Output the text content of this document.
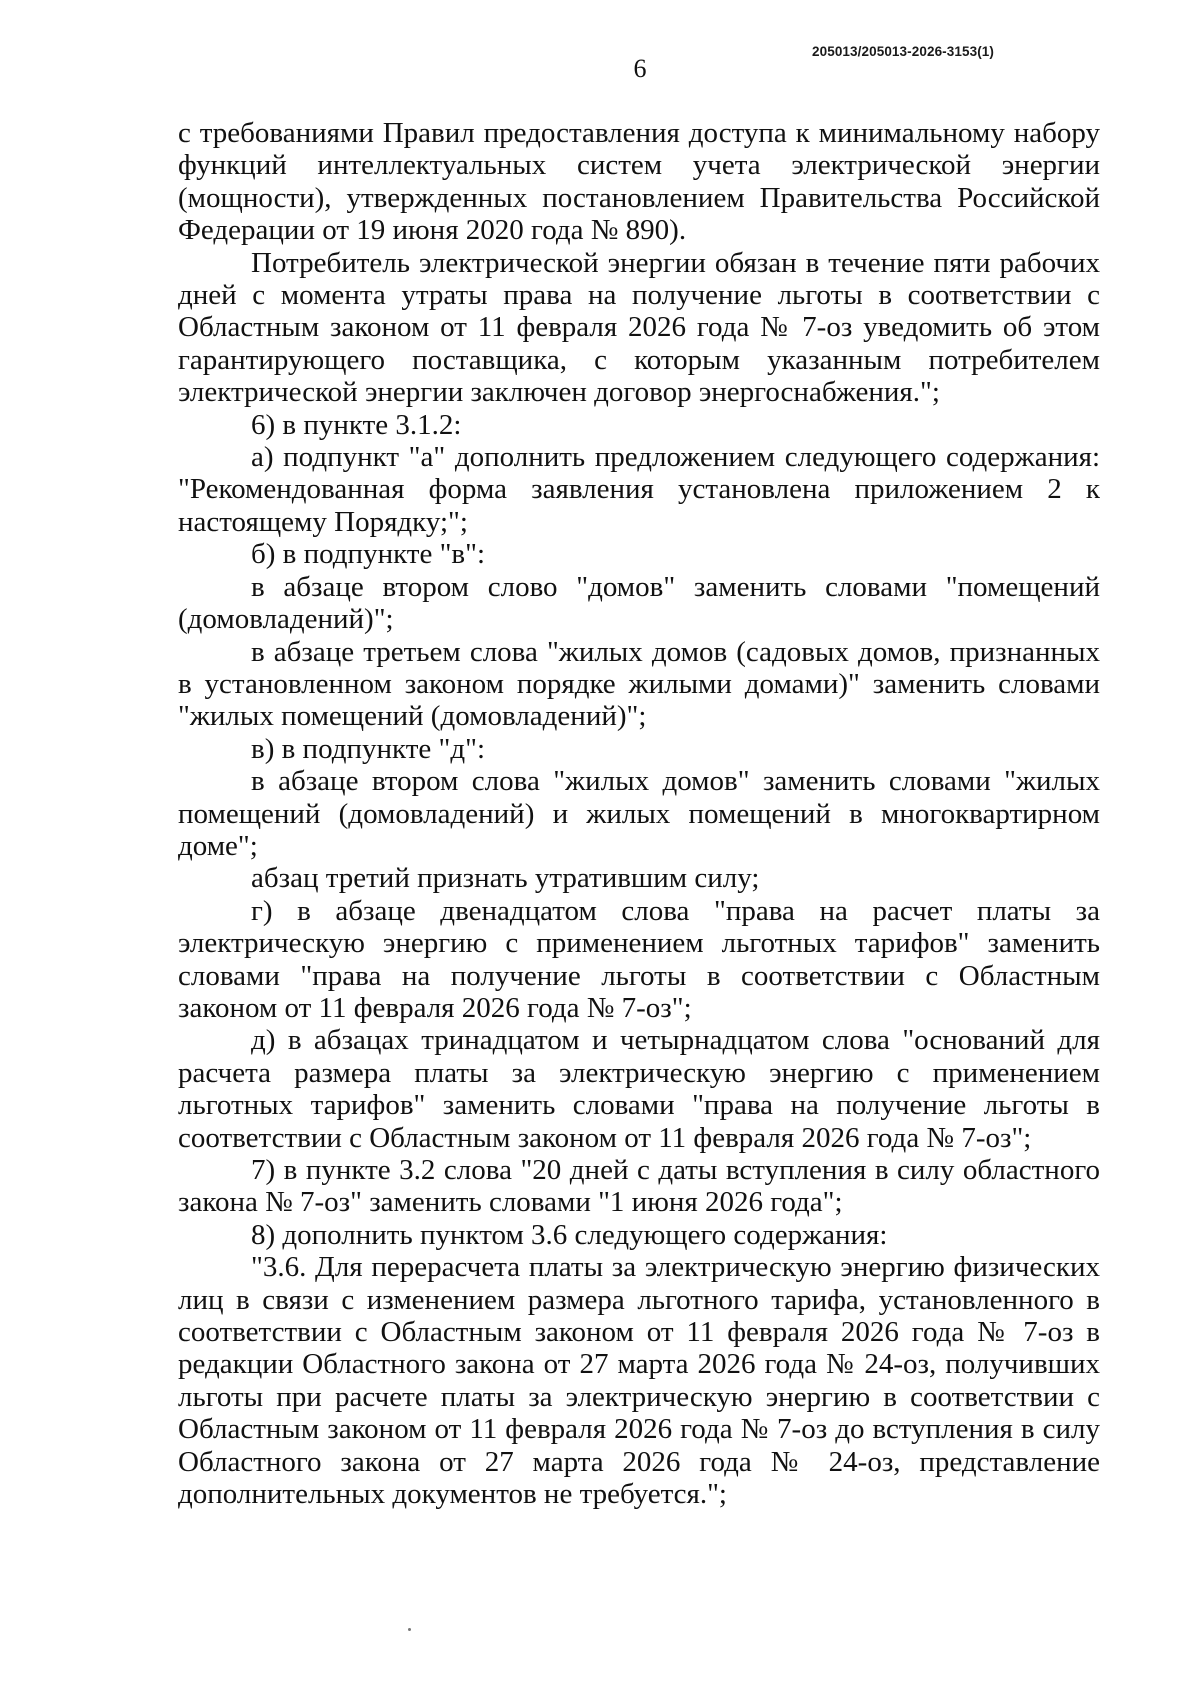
205013/205013-2026-3153(1)
6

с требованиями Правил предоставления доступа к минимальному набору функций интеллектуальных систем учета электрической энергии (мощности), утвержденных постановлением Правительства Российской Федерации от 19 июня 2020 года № 890).

Потребитель электрической энергии обязан в течение пяти рабочих дней с момента утраты права на получение льготы в соответствии с Областным законом от 11 февраля 2026 года № 7-оз уведомить об этом гарантирующего поставщика, с которым указанным потребителем электрической энергии заключен договор энергоснабжения.";

6) в пункте 3.1.2:

а) подпункт "а" дополнить предложением следующего содержания: "Рекомендованная форма заявления установлена приложением 2 к настоящему Порядку;";

б) в подпункте "в":

в абзаце втором слово "домов" заменить словами "помещений (домовладений)";

в абзаце третьем слова "жилых домов (садовых домов, признанных в установленном законом порядке жилыми домами)" заменить словами "жилых помещений (домовладений)";

в) в подпункте "д":

в абзаце втором слова "жилых домов" заменить словами "жилых помещений (домовладений) и жилых помещений в многоквартирном доме";

абзац третий признать утратившим силу;

г) в абзаце двенадцатом слова "права на расчет платы за электрическую энергию с применением льготных тарифов" заменить словами "права на получение льготы в соответствии с Областным законом от 11 февраля 2026 года № 7-оз";

д) в абзацах тринадцатом и четырнадцатом слова "оснований для расчета размера платы за электрическую энергию с применением льготных тарифов" заменить словами "права на получение льготы в соответствии с Областным законом от 11 февраля 2026 года № 7-оз";

7) в пункте 3.2 слова "20 дней с даты вступления в силу областного закона № 7-оз" заменить словами "1 июня 2026 года";

8) дополнить пунктом 3.6 следующего содержания:

"3.6. Для перерасчета платы за электрическую энергию физических лиц в связи с изменением размера льготного тарифа, установленного в соответствии с Областным законом от 11 февраля 2026 года № 7-оз в редакции Областного закона от 27 марта 2026 года № 24-оз, получивших льготы при расчете платы за электрическую энергию в соответствии с Областным законом от 11 февраля 2026 года № 7-оз до вступления в силу Областного закона от 27 марта 2026 года № 24-оз, представление дополнительных документов не требуется.";
